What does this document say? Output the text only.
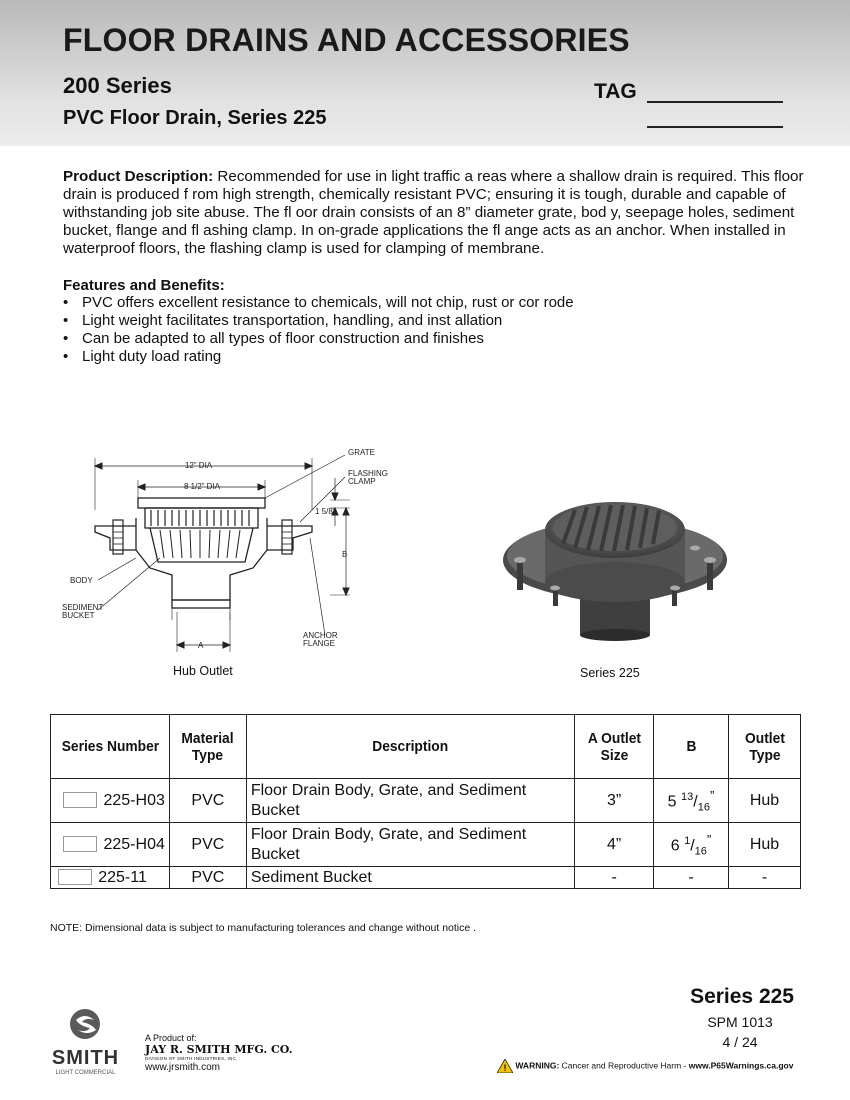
FLOOR DRAINS AND ACCESSORIES
200 Series
PVC Floor Drain, Series 225
TAG
Product Description: Recommended for use in light traffic a reas where a shallow drain is required. This floor drain is produced f rom high strength, chemically resistant PVC; ensuring it is tough, durable and capable of withstanding job site abuse. The fl oor drain consists of an 8” diameter grate, bod y, seepage holes, sediment bucket, flange and fl ashing clamp. In on-grade applications the fl ange acts as an anchor. When installed in waterproof floors, the flashing clamp is used for clamping of membrane.
Features and Benefits:
• PVC offers excellent resistance to chemicals, will not chip, rust or cor rode
• Light weight facilitates transportation, handling, and inst allation
• Can be adapted to all types of floor construction and finishes
• Light duty load rating
12” DIA
8 1/2” DIA
A
1 5/8”
B
GRATE
FLASHING
CLAMP
BODY
SEDIMENT
BUCKET
ANCHOR
FLANGE
Hub Outlet	Series 225
Series Number	Material Type	Description	A Outlet Size	B	Outlet Type
225-H03	PVC	Floor Drain Body, Grate, and Sediment Bucket	3”	5 $^{13}/_{16}^”$	Hub
225-H04	PVC	Floor Drain Body, Grate, and Sediment Bucket	4”	6 $^1/_{16}^”$	Hub
225-11	PVC	Sediment Bucket	-	-	-
NOTE: Dimensional data is subject to manufacturing tolerances and change without notice .
Series 225
SPM 1013
4 / 24
SMITH
LIGHT COMMERCIAL
A Product of:
JAY R. SMITH MFG. CO.
DIVISION OF SMITH INDUSTRIES, INC.
www.jrsmith.com	! WARNING: Cancer and Reproductive Harm - www.P65Warnings.ca.gov
